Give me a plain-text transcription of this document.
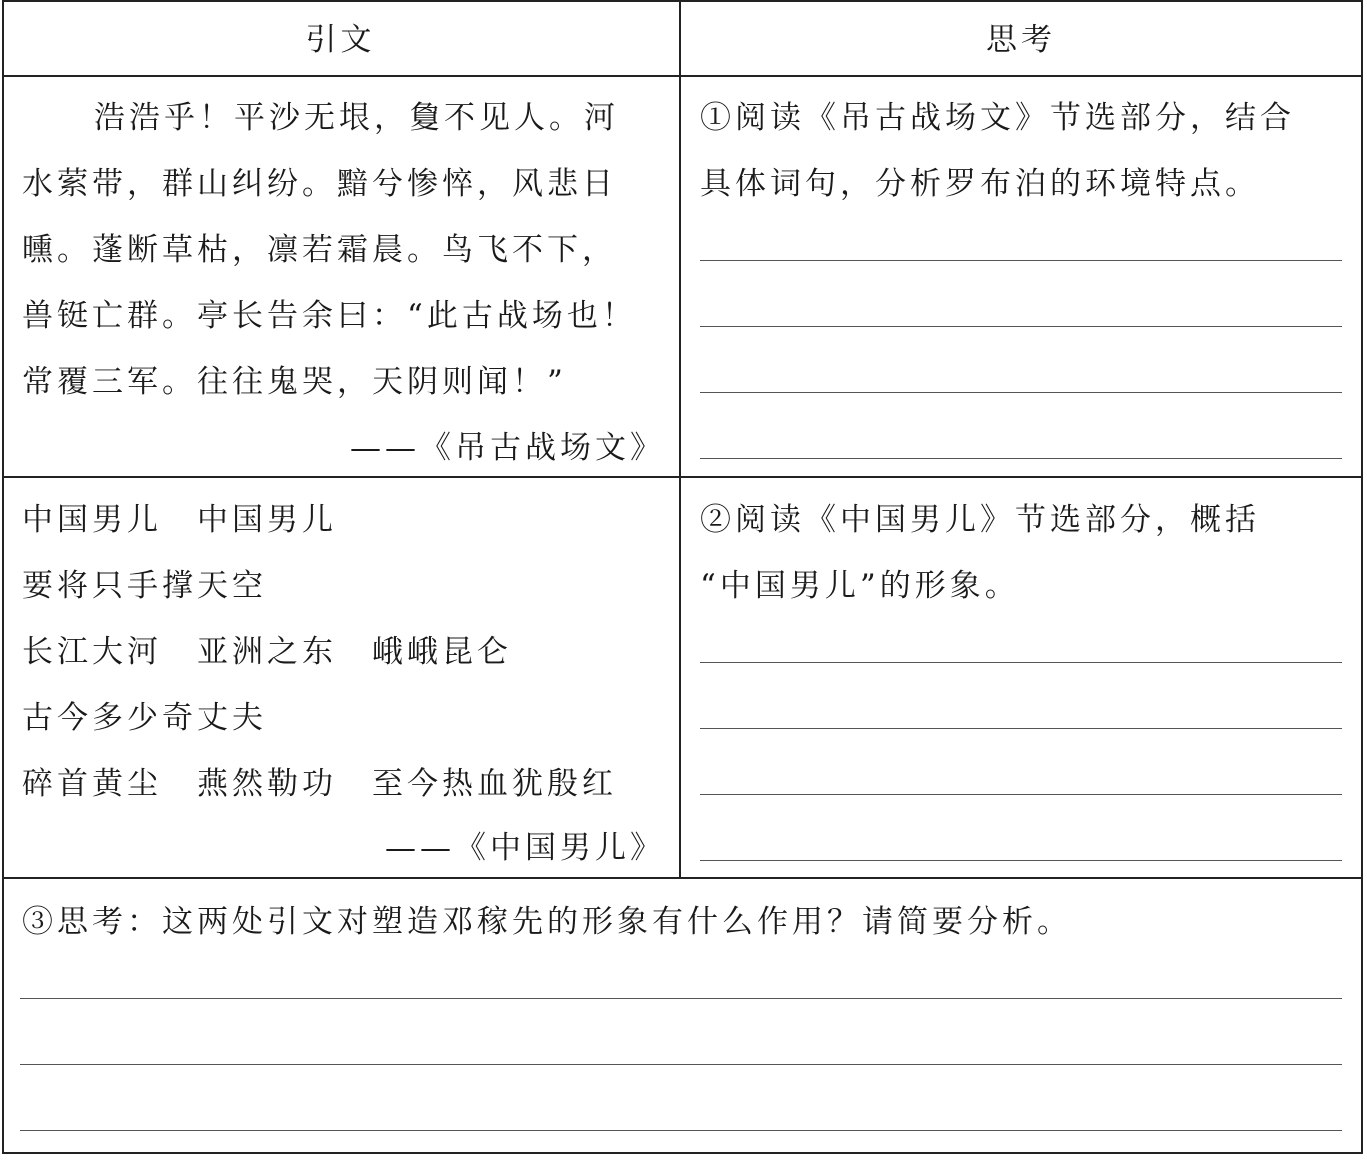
引文	思考
浩浩乎！平沙无垠，敻不见人。河
水萦带，群山纠纷。黯兮惨悴，风悲日
曛。蓬断草枯，凛若霜晨。鸟飞不下，
兽铤亡群。亭长告余曰：“此古战场也！
常覆三军。往往鬼哭，天阴则闻！”
——《吊古战场文》
①阅读《吊古战场文》节选部分，结合
具体词句，分析罗布泊的环境特点。
中国男儿　中国男儿
要将只手撑天空
长江大河　亚洲之东　峨峨昆仑
古今多少奇丈夫
碎首黄尘　燕然勒功　至今热血犹殷红
——《中国男儿》
②阅读《中国男儿》节选部分，概括
“中国男儿”的形象。
③思考：这两处引文对塑造邓稼先的形象有什么作用？请简要分析。
